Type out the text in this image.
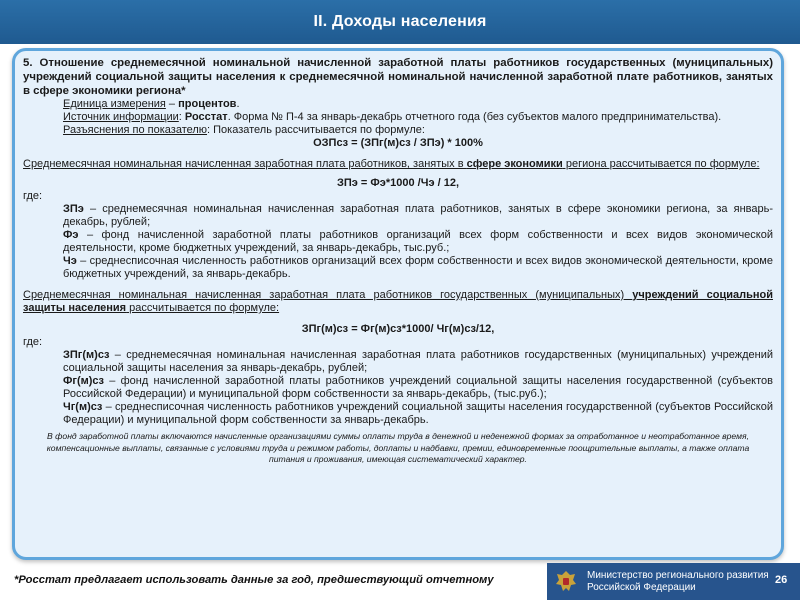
II. Доходы населения

5. Отношение среднемесячной номинальной начисленной заработной платы работников государственных (муниципальных) учреждений социальной защиты населения к среднемесячной номинальной начисленной заработной плате работников, занятых в сфере экономики региона*

Единица измерения – процентов.

Источник информации: Росстат. Форма № П-4 за январь-декабрь отчетного года (без субъектов малого предпринимательства).

Разъяснения по показателю: Показатель рассчитывается по формуле:

ОЗПсз = (ЗПг(м)сз / ЗПэ) * 100%

Среднемесячная номинальная начисленная заработная плата работников, занятых в сфере экономики региона рассчитывается по формуле:

ЗПэ = Фэ*1000 /Чэ / 12,

где:

ЗПэ – среднемесячная номинальная начисленная заработная плата работников, занятых в сфере экономики региона, за январь-декабрь, рублей;

Фэ – фонд начисленной заработной платы работников организаций всех форм собственности и всех видов экономической деятельности, кроме бюджетных учреждений, за январь-декабрь, тыс.руб.;

Чэ – среднесписочная численность работников организаций всех форм собственности и всех видов экономической деятельности, кроме бюджетных учреждений, за январь-декабрь.

Среднемесячная номинальная начисленная заработная плата работников государственных (муниципальных) учреждений социальной защиты населения рассчитывается по формуле:

ЗПг(м)сз = Фг(м)сз*1000/ Чг(м)сз/12,

где:

ЗПг(м)сз – среднемесячная номинальная начисленная заработная плата работников государственных (муниципальных) учреждений социальной защиты населения за январь-декабрь, рублей;

Фг(м)сз – фонд начисленной заработной платы работников учреждений социальной защиты населения государственной (субъектов Российской Федерации) и муниципальной форм собственности за январь-декабрь, (тыс.руб.);

Чг(м)сз – среднесписочная численность работников учреждений социальной защиты населения государственной (субъектов Российской Федерации) и муниципальной форм собственности за январь-декабрь.

В фонд заработной платы включаются начисленные организациями суммы оплаты труда в денежной и неденежной формах за отработанное и неотработанное время, компенсационные выплаты, связанные с условиями труда и режимом работы, доплаты и надбавки, премии, единовременные поощрительные выплаты, а также оплата питания и проживания, имеющая систематический характер.

*Росстат предлагает использовать данные за год, предшествующий отчетному	Министерство регионального развития
Российской Федерации
26
